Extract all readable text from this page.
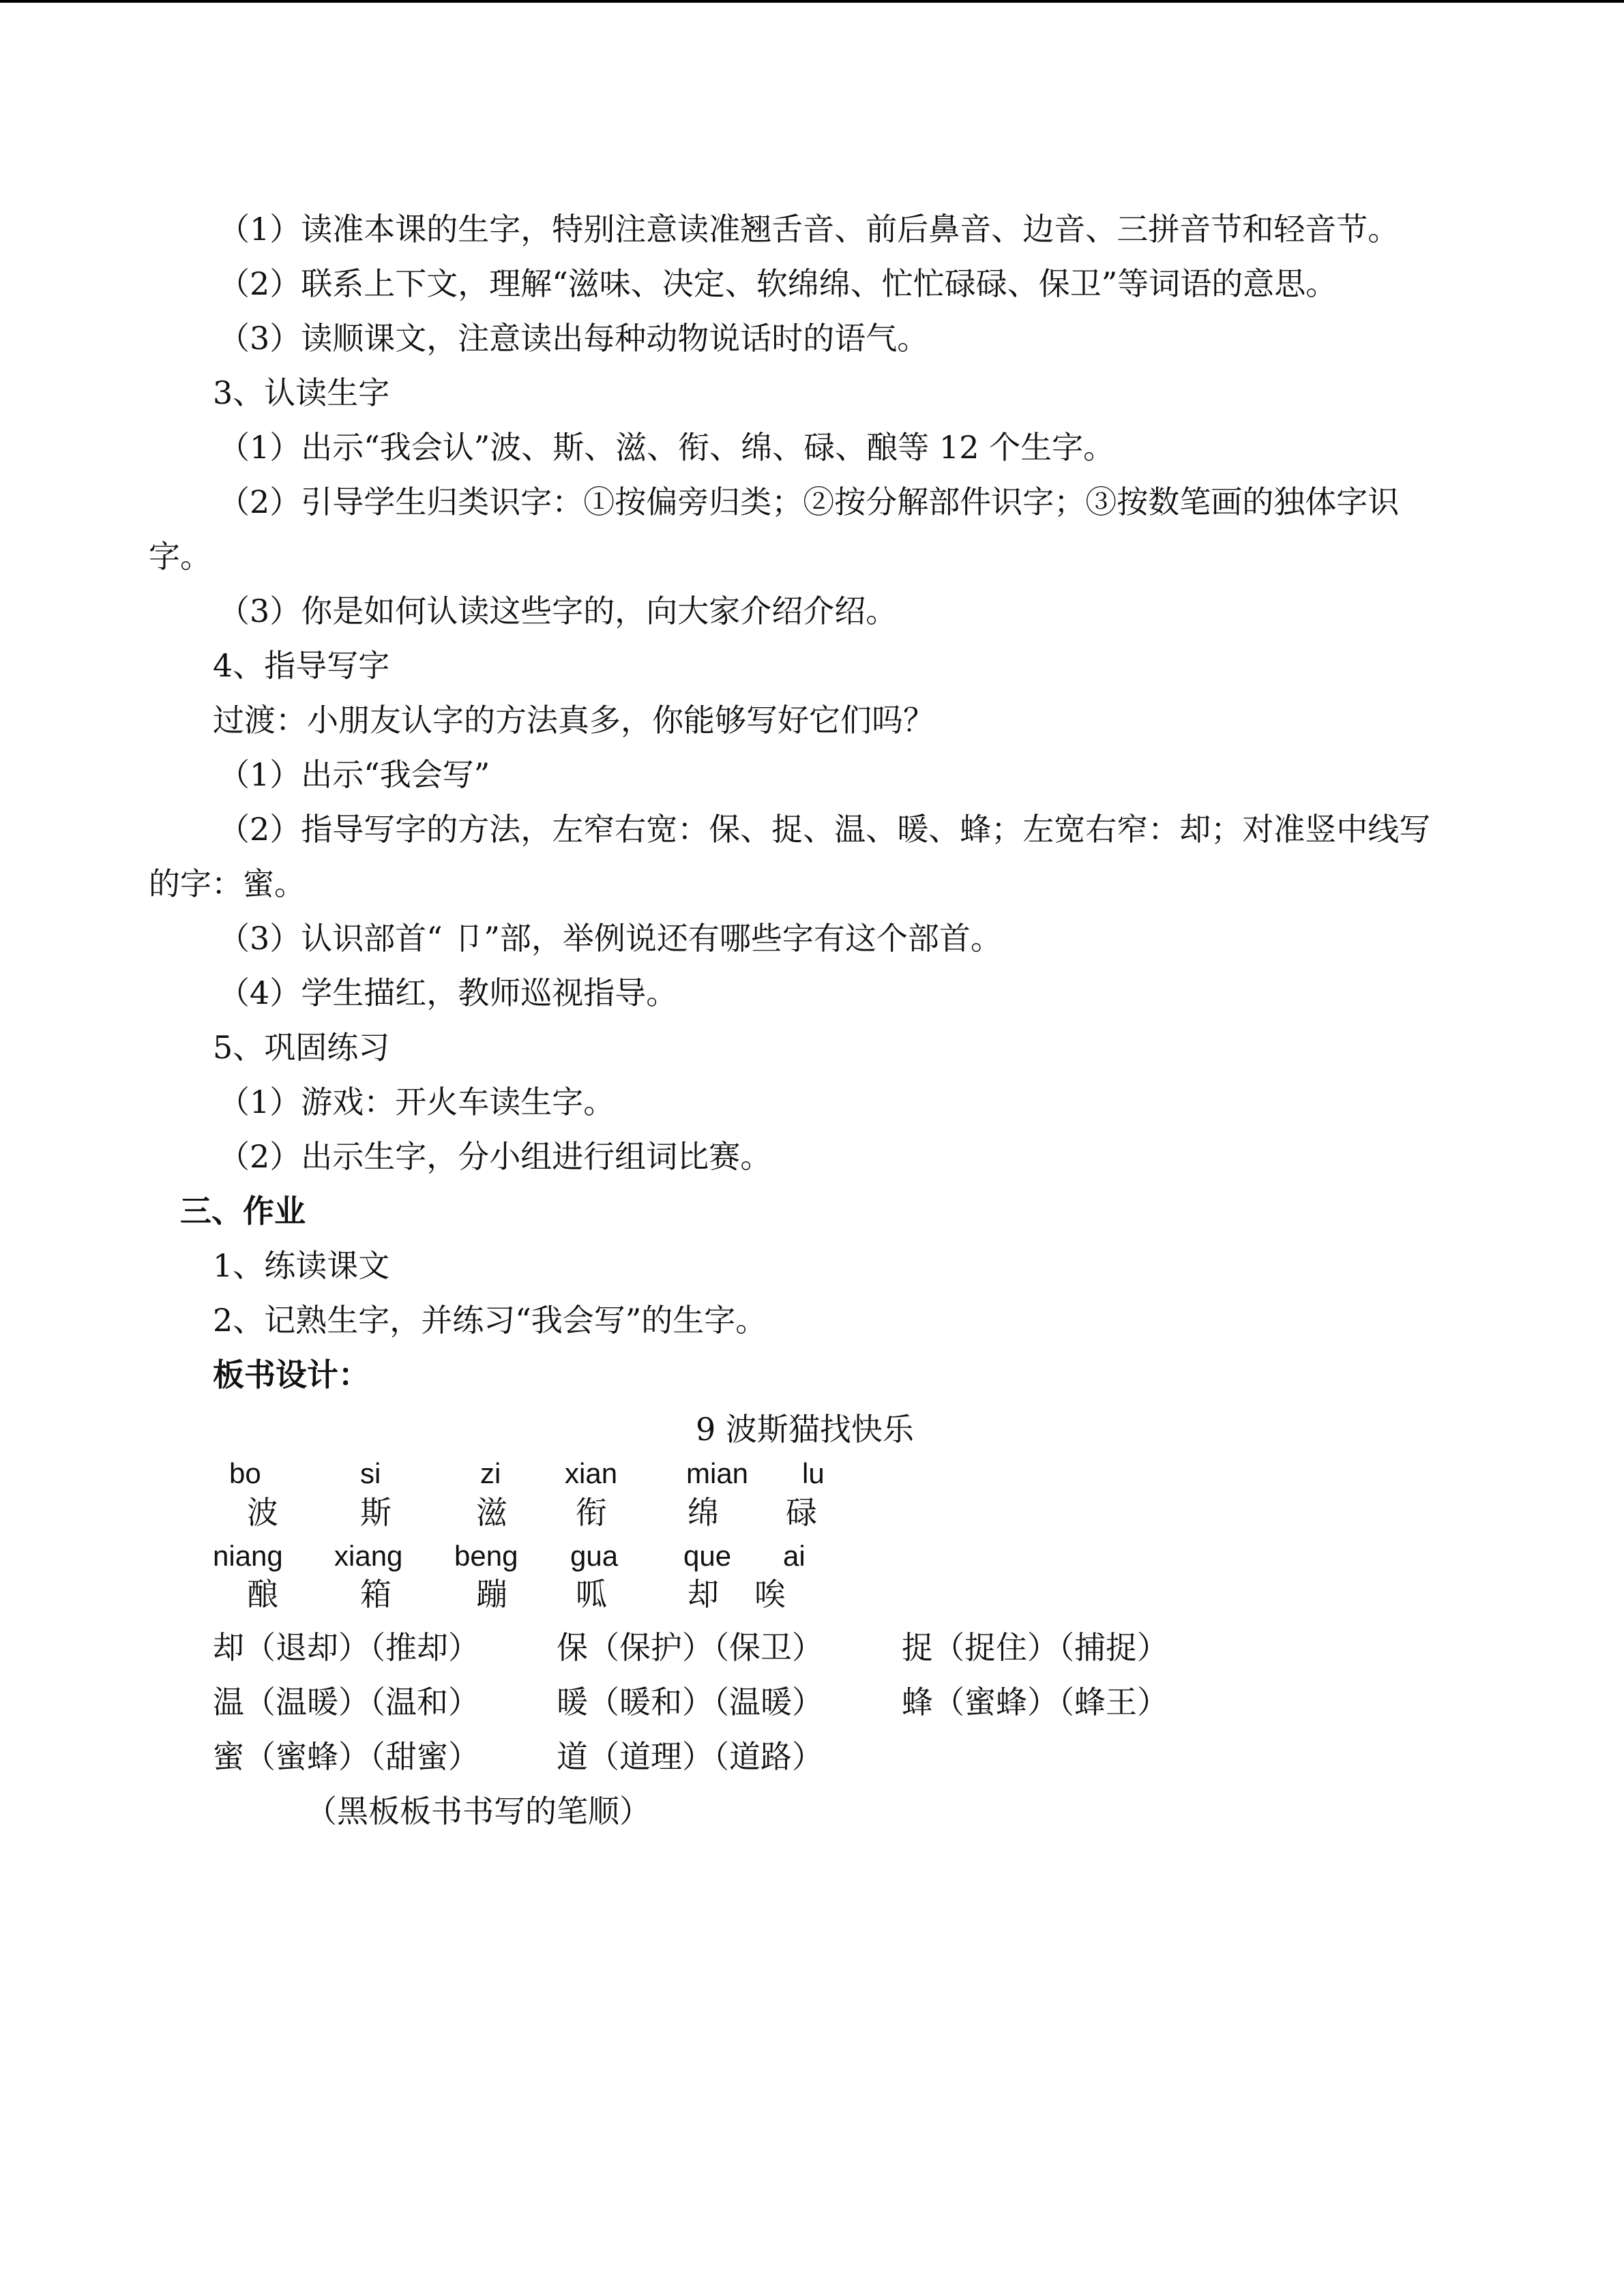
（1）读准本课的生字，特别注意读准翘舌音、前后鼻音、边音、三拼音节和轻音节。
（2）联系上下文，理解“滋味、决定、软绵绵、忙忙碌碌、保卫”等词语的意思。
（3）读顺课文，注意读出每种动物说话时的语气。
3、认读生字
（1）出示“我会认”波、斯、滋、衔、绵、碌、酿等 12 个生字。
（2）引导学生归类识字：①按偏旁归类；②按分解部件识字；③按数笔画的独体字识
字。
（3）你是如何认读这些字的，向大家介绍介绍。
4、指导写字
过渡：小朋友认字的方法真多，你能够写好它们吗？
（1）出示“我会写”
（2）指导写字的方法，左窄右宽：保、捉、温、暖、蜂；左宽右窄：却；对准竖中线写
的字：蜜。
（3）认识部首“ 卩”部，举例说还有哪些字有这个部首。
（4）学生描红，教师巡视指导。
5、巩固练习
（1）游戏：开火车读生字。
（2）出示生字，分小组进行组词比赛。
三、作业
1、练读课文
2、记熟生字，并练习“我会写”的生字。
板书设计：
9 波斯猫找快乐
bo	si	zi xian mian lu
波	斯	滋 衔	绵 碌
niang xiang beng gua que ai
酿	箱	蹦 呱	却 唉
却（退却）（推却） 保（保护）（保卫）	捉（捉住）（捕捉）
温（温暖）（温和） 暖（暖和）（温暖）	蜂（蜜蜂）（蜂王）
蜜（蜜蜂）（甜蜜） 道（道理）（道路）
（黑板板书书写的笔顺）
